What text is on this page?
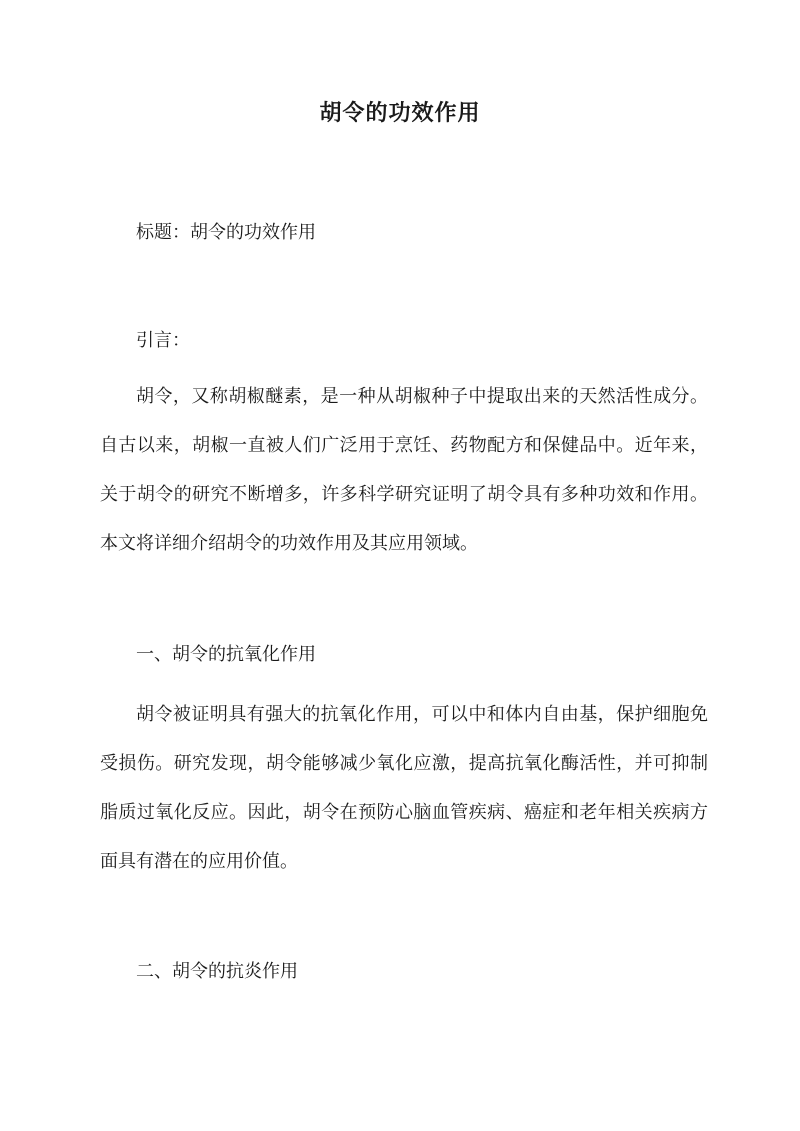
胡令的功效作用

标题：胡令的功效作用

引言：

胡令，又称胡椒醚素，是一种从胡椒种子中提取出来的天然活性成分。自古以来，胡椒一直被人们广泛用于烹饪、药物配方和保健品中。近年来，关于胡令的研究不断增多，许多科学研究证明了胡令具有多种功效和作用。本文将详细介绍胡令的功效作用及其应用领域。

一、胡令的抗氧化作用

胡令被证明具有强大的抗氧化作用，可以中和体内自由基，保护细胞免受损伤。研究发现，胡令能够减少氧化应激，提高抗氧化酶活性，并可抑制脂质过氧化反应。因此，胡令在预防心脑血管疾病、癌症和老年相关疾病方面具有潜在的应用价值。

二、胡令的抗炎作用
